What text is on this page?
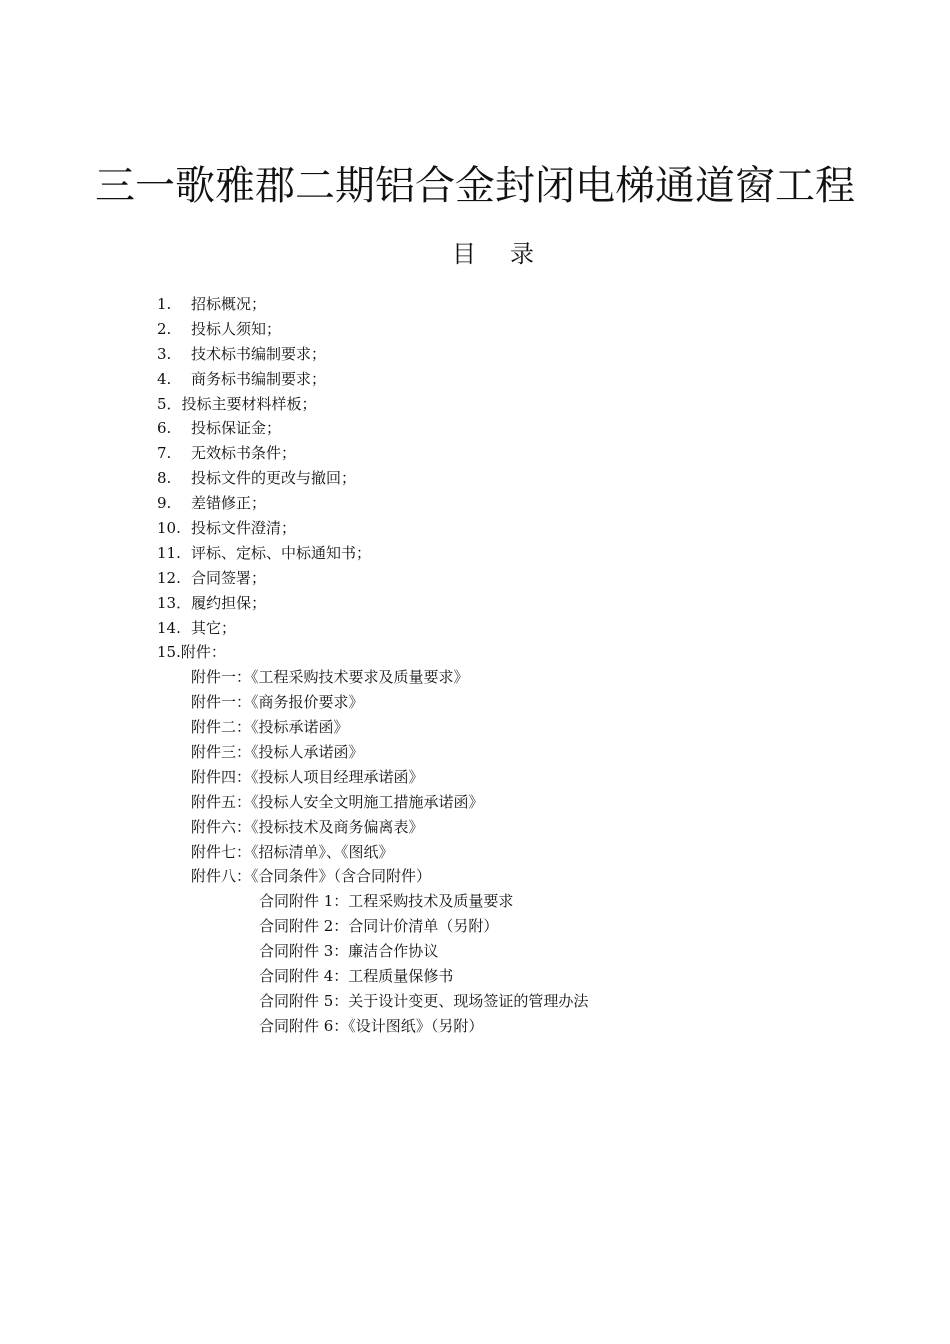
三一歌雅郡二期铝合金封闭电梯通道窗工程
目 录
1. 招标概况；
2. 投标人须知；
3. 技术标书编制要求；
4. 商务标书编制要求；
5．投标主要材料样板；
6. 投标保证金；
7. 无效标书条件；
8. 投标文件的更改与撤回；
9. 差错修正；
10. 投标文件澄清；
11. 评标、定标、中标通知书；
12. 合同签署；
13．履约担保；
14. 其它；
15.附件：
附件一：《工程采购技术要求及质量要求》
附件一：《商务报价要求》
附件二：《投标承诺函》
附件三：《投标人承诺函》
附件四：《投标人项目经理承诺函》
附件五：《投标人安全文明施工措施承诺函》
附件六：《投标技术及商务偏离表》
附件七：《招标清单》、《图纸》
附件八：《合同条件》（含合同附件）
合同附件 1：工程采购技术及质量要求
合同附件 2：合同计价清单（另附）
合同附件 3：廉洁合作协议
合同附件 4：工程质量保修书
合同附件 5：关于设计变更、现场签证的管理办法
合同附件 6：《设计图纸》（另附）
